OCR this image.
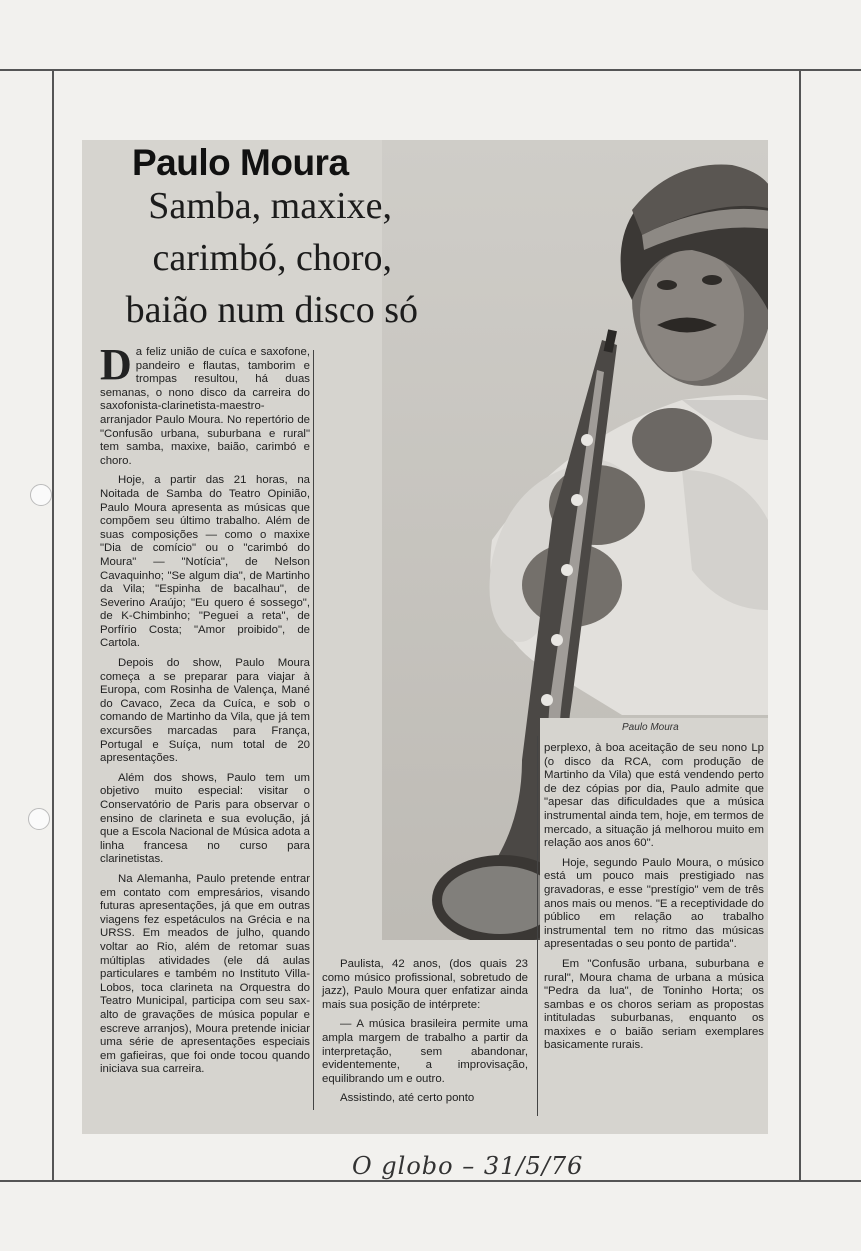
Paulo Moura
Samba, maxixe,
carimbó, choro,
baião num disco só

Da feliz união de cuíca e saxofone, pandeiro e flautas, tamborim e trompas resultou, há duas semanas, o nono disco da carreira do saxofonista-clarinetista-maestro-arranjador Paulo Moura. No repertório de "Confusão urbana, suburbana e rural" tem samba, maxixe, baião, carimbó e choro.

Hoje, a partir das 21 horas, na Noitada de Samba do Teatro Opinião, Paulo Moura apresenta as músicas que compõem seu último trabalho. Além de suas composições — como o maxixe "Dia de comício" ou o "carimbó do Moura" — "Notícia", de Nelson Cavaquinho; "Se algum dia", de Martinho da Vila; "Espinha de bacalhau", de Severino Araújo; "Eu quero é sossego", de K-Chimbinho; "Peguei a reta", de Porfírio Costa; "Amor proibido", de Cartola.

Depois do show, Paulo Moura começa a se preparar para viajar à Europa, com Rosinha de Valença, Mané do Cavaco, Zeca da Cuíca, e sob o comando de Martinho da Vila, que já tem excursões marcadas para França, Portugal e Suíça, num total de 20 apresentações.

Além dos shows, Paulo tem um objetivo muito especial: visitar o Conservatório de Paris para observar o ensino de clarineta e sua evolução, já que a Escola Nacional de Música adota a linha francesa no curso para clarinetistas.

Na Alemanha, Paulo pretende entrar em contato com empresários, visando futuras apresentações, já que em outras viagens fez espetáculos na Grécia e na URSS. Em meados de julho, quando voltar ao Rio, além de retomar suas múltiplas atividades (ele dá aulas particulares e também no Instituto Villa-Lobos, toca clarineta na Orquestra do Teatro Municipal, participa com seu sax-alto de gravações de música popular e escreve arranjos), Moura pretende iniciar uma série de apresentações especiais em gafieiras, que foi onde tocou quando iniciava sua carreira.

Paulista, 42 anos, (dos quais 23 como músico profissional, sobretudo de jazz), Paulo Moura quer enfatizar ainda mais sua posição de intérprete:

— A música brasileira permite uma ampla margem de trabalho a partir da interpretação, sem abandonar, evidentemente, a improvisação, equilibrando um e outro.

Assistindo, até certo ponto

Paulo Moura

perplexo, à boa aceitação de seu nono Lp (o disco da RCA, com produção de Martinho da Vila) que está vendendo perto de dez cópias por dia, Paulo admite que "apesar das dificuldades que a música instrumental ainda tem, hoje, em termos de mercado, a situação já melhorou muito em relação aos anos 60".

Hoje, segundo Paulo Moura, o músico está um pouco mais prestigiado nas gravadoras, e esse "prestígio" vem de três anos mais ou menos. "E a receptividade do público em relação ao trabalho instrumental tem no ritmo das músicas apresentadas o seu ponto de partida".

Em "Confusão urbana, suburbana e rural", Moura chama de urbana a música "Pedra da lua", de Toninho Horta; os sambas e os choros seriam as propostas intituladas suburbanas, enquanto os maxixes e o baião seriam exemplares basicamente rurais.

O globo – 31/5/76
